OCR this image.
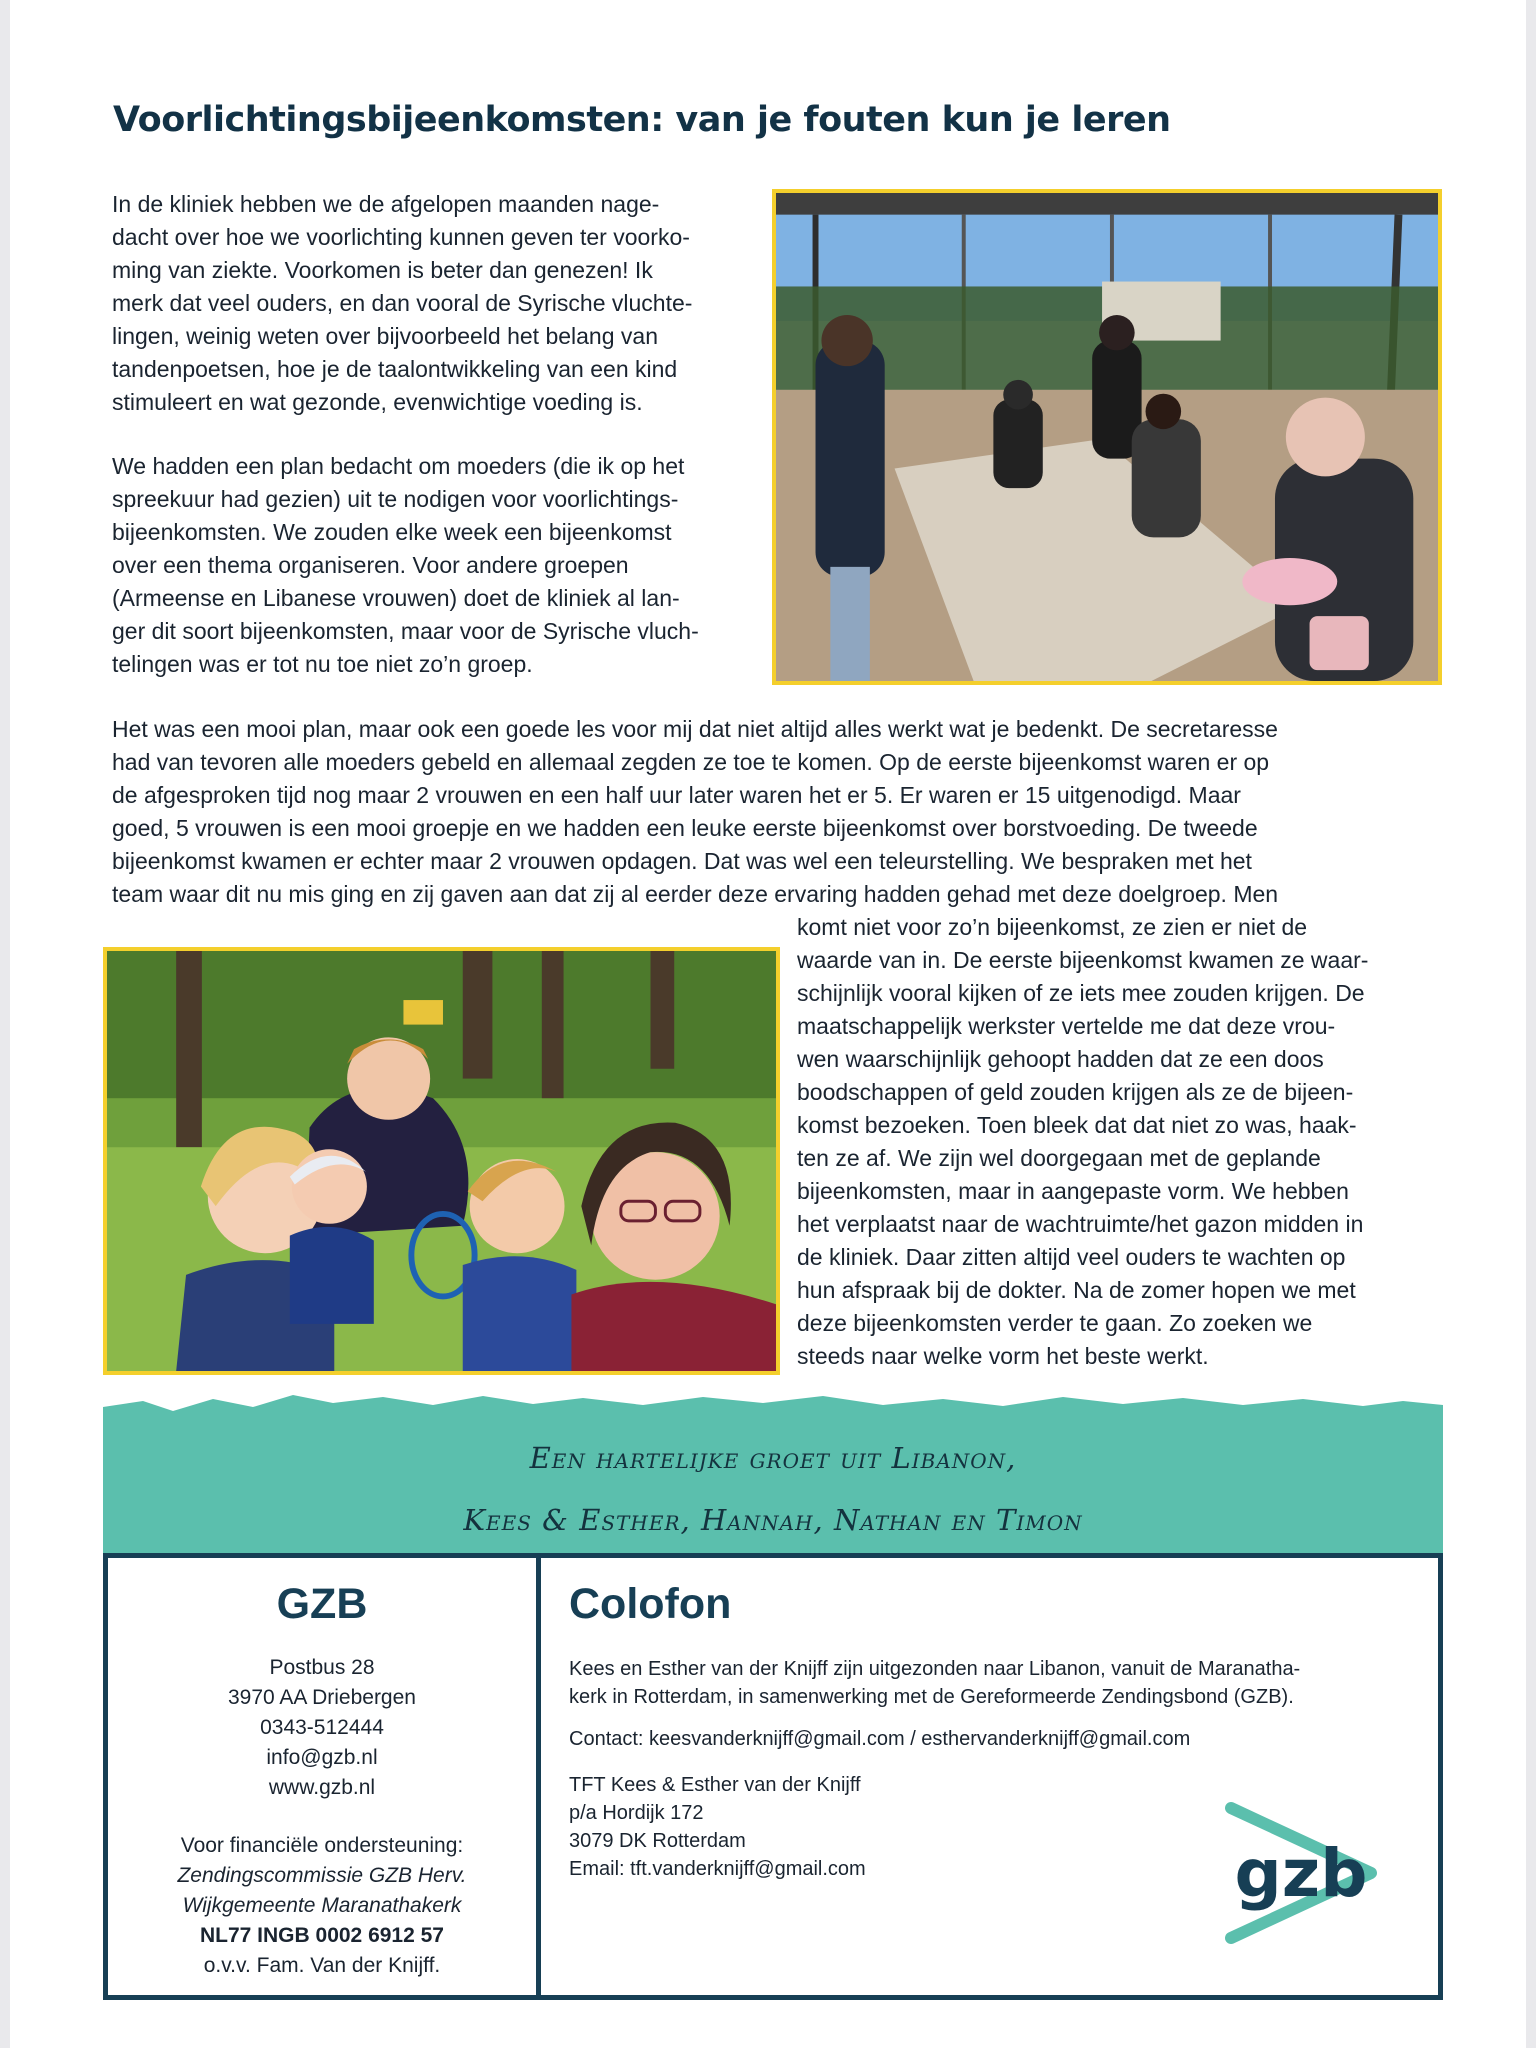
Voorlichtingsbijeenkomsten: van je fouten kun je leren
In de kliniek hebben we de afgelopen maanden nage-
dacht over hoe we voorlichting kunnen geven ter voorko-
ming van ziekte. Voorkomen is beter dan genezen! Ik
merk dat veel ouders, en dan vooral de Syrische vluchte-
lingen, weinig weten over bijvoorbeeld het belang van
tandenpoetsen, hoe je de taalontwikkeling van een kind
stimuleert en wat gezonde, evenwichtige voeding is.
We hadden een plan bedacht om moeders (die ik op het
spreekuur had gezien) uit te nodigen voor voorlichtings-
bijeenkomsten. We zouden elke week een bijeenkomst
over een thema organiseren. Voor andere groepen
(Armeense en Libanese vrouwen) doet de kliniek al lan-
ger dit soort bijeenkomsten, maar voor de Syrische vluch-
telingen was er tot nu toe niet zo’n groep.
Het was een mooi plan, maar ook een goede les voor mij dat niet altijd alles werkt wat je bedenkt. De secretaresse
had van tevoren alle moeders gebeld en allemaal zegden ze toe te komen. Op de eerste bijeenkomst waren er op
de afgesproken tijd nog maar 2 vrouwen en een half uur later waren het er 5. Er waren er 15 uitgenodigd. Maar
goed, 5 vrouwen is een mooi groepje en we hadden een leuke eerste bijeenkomst over borstvoeding. De tweede
bijeenkomst kwamen er echter maar 2 vrouwen opdagen. Dat was wel een teleurstelling. We bespraken met het
team waar dit nu mis ging en zij gaven aan dat zij al eerder deze ervaring hadden gehad met deze doelgroep. Men
komt niet voor zo’n bijeenkomst, ze zien er niet de
waarde van in. De eerste bijeenkomst kwamen ze waar-
schijnlijk vooral kijken of ze iets mee zouden krijgen. De
maatschappelijk werkster vertelde me dat deze vrou-
wen waarschijnlijk gehoopt hadden dat ze een doos
boodschappen of geld zouden krijgen als ze de bijeen-
komst bezoeken. Toen bleek dat dat niet zo was, haak-
ten ze af. We zijn wel doorgegaan met de geplande
bijeenkomsten, maar in aangepaste vorm. We hebben
het verplaatst naar de wachtruimte/het gazon midden in
de kliniek. Daar zitten altijd veel ouders te wachten op
hun afspraak bij de dokter. Na de zomer hopen we met
deze bijeenkomsten verder te gaan. Zo zoeken we
steeds naar welke vorm het beste werkt.
Een hartelijke groet uit Libanon,
Kees & Esther, Hannah, Nathan en Timon
GZB
Postbus 28
3970 AA Driebergen
0343-512444
info@gzb.nl
www.gzb.nl
Voor financiële ondersteuning:
Zendingscommissie GZB Herv.
Wijkgemeente Maranathakerk
NL77 INGB 0002 6912 57
o.v.v. Fam. Van der Knijff.
Colofon
Kees en Esther van der Knijff zijn uitgezonden naar Libanon, vanuit de Maranatha-
kerk in Rotterdam, in samenwerking met de Gereformeerde Zendingsbond (GZB).
Contact: keesvanderknijff@gmail.com / esthervanderknijff@gmail.com
TFT Kees & Esther van der Knijff
p/a Hordijk 172
3079 DK Rotterdam
Email: tft.vanderknijff@gmail.com	gzb
